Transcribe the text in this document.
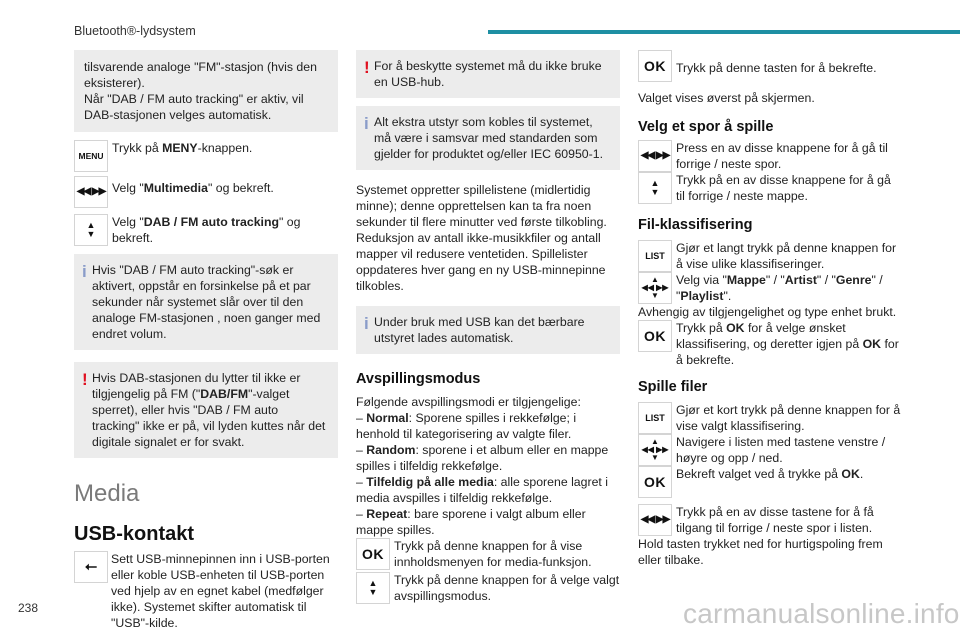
Bluetooth®-lydsystem

tilsvarende analoge "FM"-stasjon (hvis den eksisterer).

Når "DAB / FM auto tracking" er aktiv, vil DAB-stasjonen velges automatisk.

MENU
Trykk på MENY-knappen.
◀◀ ▶▶ Velg "Multimedia" og bekreft.
▲
▼
Velg "DAB / FM auto tracking" og bekreft.
i Hvis "DAB / FM auto tracking"-søk er aktivert, oppstår en forsinkelse på et par sekunder når systemet slår over til den analoge FM-stasjonen , noen ganger med endret volum.

! Hvis DAB-stasjonen du lytter til ikke er tilgjengelig på FM ("DAB/FM"-valget sperret), eller hvis "DAB / FM auto tracking" ikke er på, vil lyden kuttes når det digitale signalet er for svakt.

Media
USB-kontakt
⭠ Sett USB-minnepinnen inn i USB-porten eller koble USB-enheten til USB-porten ved hjelp av en egnet kabel (medfølger ikke). Systemet skifter automatisk til "USB"-kilde.
! For å beskytte systemet må du ikke bruke en USB-hub.

i Alt ekstra utstyr som kobles til systemet, må være i samsvar med standarden som gjelder for produktet og/eller IEC 60950-1.

Systemet oppretter spillelistene (midlertidig minne); denne opprettelsen kan ta fra noen sekunder til flere minutter ved første tilkobling. Reduksjon av antall ikke-musikkfiler og antall mapper vil redusere ventetiden. Spillelister oppdateres hver gang en ny USB-minnepinne tilkobles.

i Under bruk med USB kan det bærbare utstyret lades automatisk.

Avspillingsmodus

Følgende avspillingsmodi er tilgjengelige:

– Normal: Sporene spilles i rekkefølge; i henhold til kategorisering av valgte filer.

– Random: sporene i et album eller en mappe spilles i tilfeldig rekkefølge.

– Tilfeldig på alle media: alle sporene lagret i media avspilles i tilfeldig rekkefølge.

– Repeat: bare sporene i valgt album eller mappe spilles.

OK Trykk på denne knappen for å vise innholdsmenyen for media-funksjon.
▲
▼
Trykk på denne knappen for å velge valgt avspillingsmodus.
OK Trykk på denne tasten for å bekrefte.

Valget vises øverst på skjermen.

Velg et spor å spille
◀◀ ▶▶
Press en av disse knappene for å gå til forrige / neste spor.
▲
▼
Trykk på en av disse knappene for å gå til forrige / neste mappe.
Fil-klassifisering
LIST
Gjør et langt trykk på denne knappen for å vise ulike klassifiseringer.
▲
◀◀ ▶▶
▼
Velg via "Mappe" / "Artist" / "Genre" / "Playlist".

Avhengig av tilgjengelighet og type enhet brukt.

OK Trykk på OK for å velge ønsket klassifisering, og deretter igjen på OK for å bekrefte.
Spille filer
LIST
Gjør et kort trykk på denne knappen for å vise valgt klassifisering.
▲
◀◀ ▶▶
▼
Navigere i listen med tastene venstre / høyre og opp / ned.
OK Bekreft valget ved å trykke på OK.
◀◀ ▶▶
Trykk på en av disse tastene for å få tilgang til forrige / neste spor i listen.

Hold tasten trykket ned for hurtigspoling frem eller tilbake.

238	carmanualsonline.info
